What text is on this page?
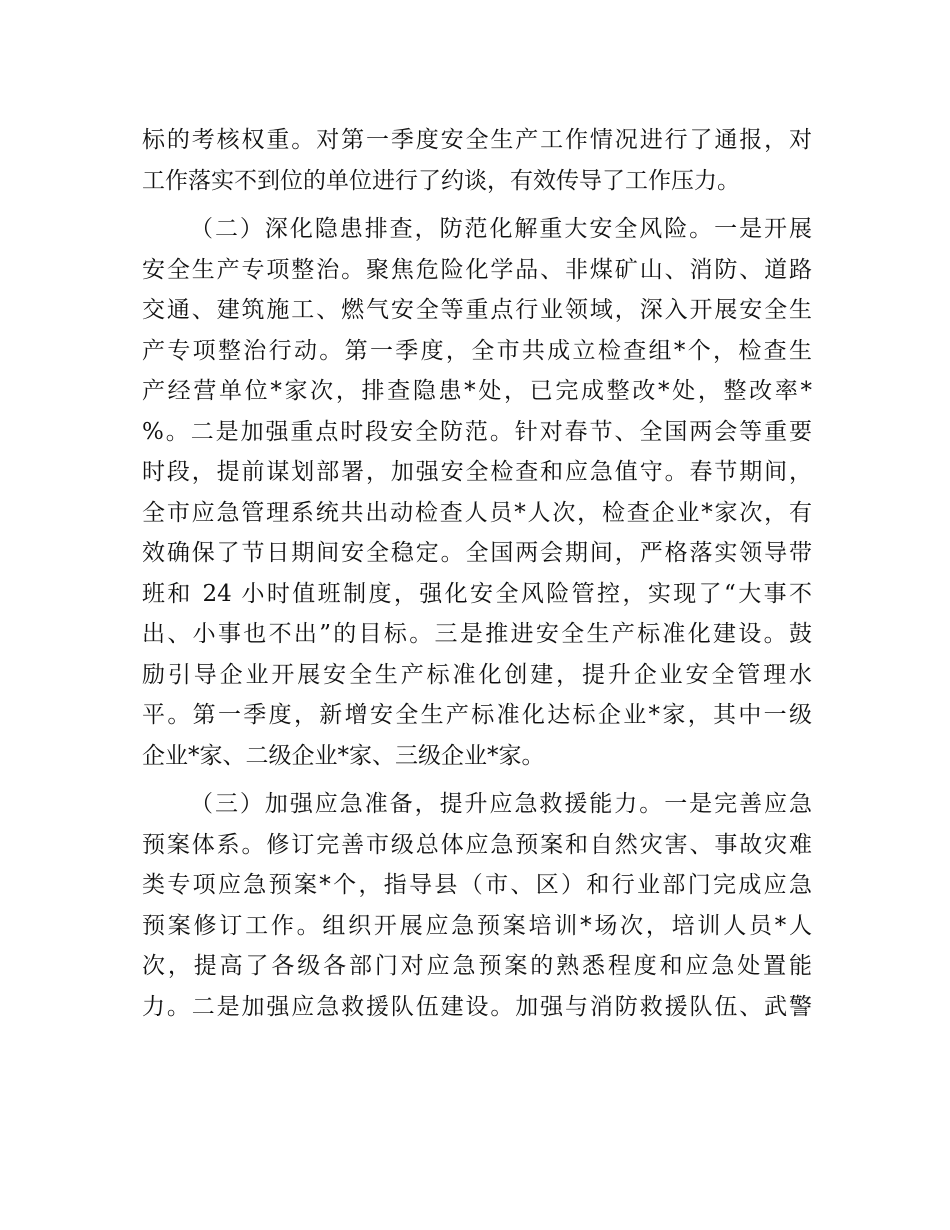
标的考核权重。对第一季度安全生产工作情况进行了通报，对
工作落实不到位的单位进行了约谈，有效传导了工作压力。
（二）深化隐患排查，防范化解重大安全风险。一是开展
安全生产专项整治。聚焦危险化学品、非煤矿山、消防、道路
交通、建筑施工、燃气安全等重点行业领域，深入开展安全生
产专项整治行动。第一季度，全市共成立检查组*个，检查生
产经营单位*家次，排查隐患*处，已完成整改*处，整改率*
%。二是加强重点时段安全防范。针对春节、全国两会等重要
时段，提前谋划部署，加强安全检查和应急值守。春节期间，
全市应急管理系统共出动检查人员*人次，检查企业*家次，有
效确保了节日期间安全稳定。全国两会期间，严格落实领导带
班和 24 小时值班制度，强化安全风险管控，实现了“大事不
出、小事也不出”的目标。三是推进安全生产标准化建设。鼓
励引导企业开展安全生产标准化创建，提升企业安全管理水
平。第一季度，新增安全生产标准化达标企业*家，其中一级
企业*家、二级企业*家、三级企业*家。
（三）加强应急准备，提升应急救援能力。一是完善应急
预案体系。修订完善市级总体应急预案和自然灾害、事故灾难
类专项应急预案*个，指导县（市、区）和行业部门完成应急
预案修订工作。组织开展应急预案培训*场次，培训人员*人
次，提高了各级各部门对应急预案的熟悉程度和应急处置能
力。二是加强应急救援队伍建设。加强与消防救援队伍、武警
